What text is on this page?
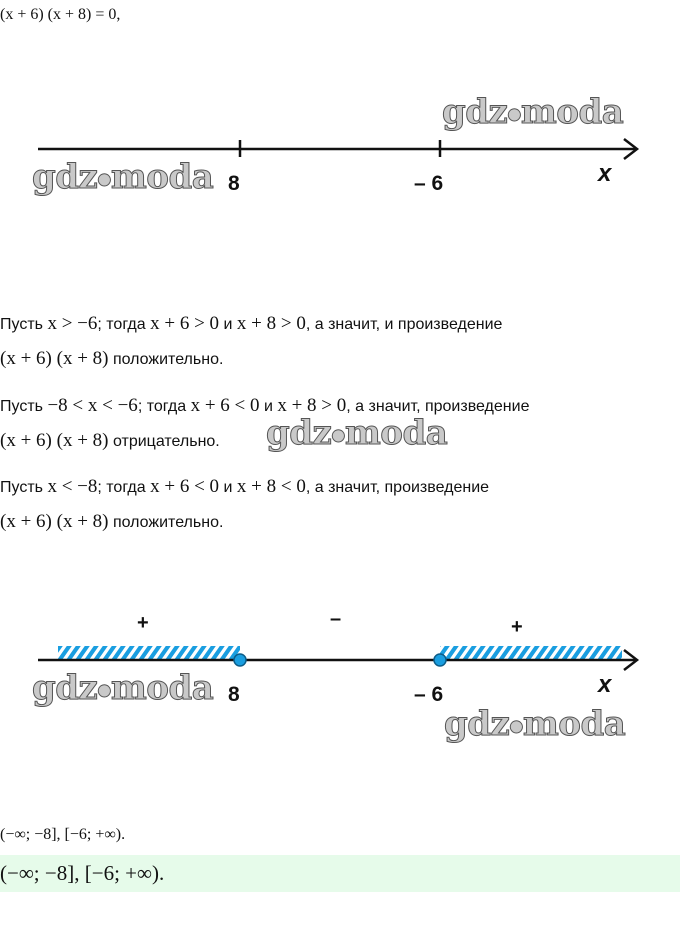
(x + 6) (x + 8) = 0,
8	– 6	x
gdz●moda
gdz●moda
Пусть x > −6; тогда x + 6 > 0 и x + 8 > 0, а значит, и произведение
(x + 6) (x + 8) положительно.
Пусть −8 < x < −6; тогда x + 6 < 0 и x + 8 > 0, а значит, произведение
(x + 6) (x + 8) отрицательно. gdz●moda
Пусть x < −8; тогда x + 6 < 0 и x + 8 < 0, а значит, произведение
(x + 6) (x + 8) положительно.
+	–	+
8	– 6	x
gdz●moda
gdz●moda
(−∞; −8], [−6; +∞).
(−∞; −8], [−6; +∞).
